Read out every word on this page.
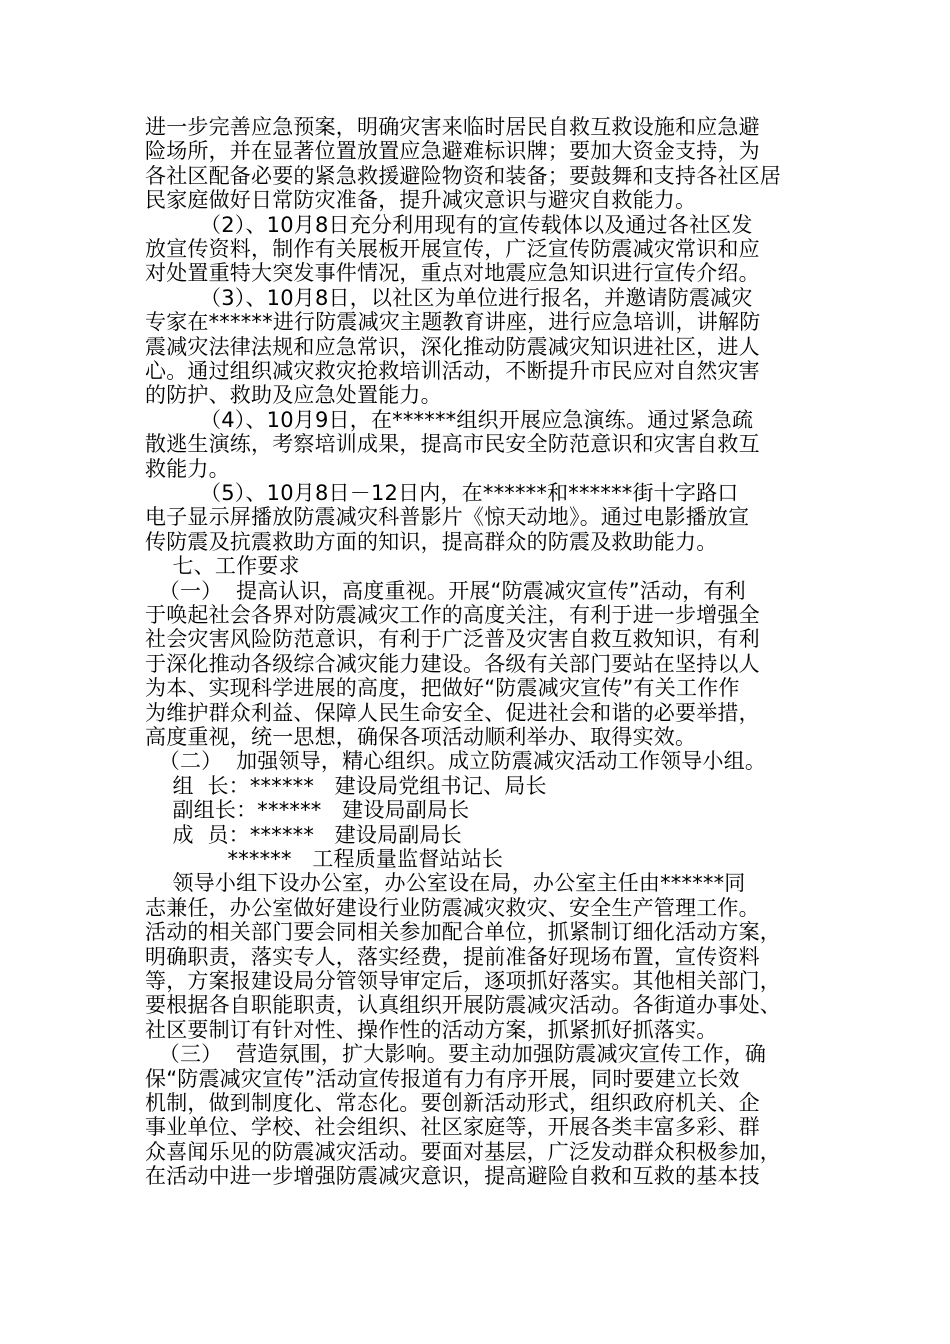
进一步完善应急预案，明确灾害来临时居民自救互救设施和应急避
险场所，并在显著位置放置应急避难标识牌；要加大资金支持，为
各社区配备必要的紧急救援避险物资和装备；要鼓舞和支持各社区居
民家庭做好日常防灾准备，提升减灾意识与避灾自救能力。
（2）、10月8日充分利用现有的宣传载体以及通过各社区发
放宣传资料，制作有关展板开展宣传，广泛宣传防震减灾常识和应
对处置重特大突发事件情况，重点对地震应急知识进行宣传介绍。
（3）、10月8日，以社区为单位进行报名，并邀请防震减灾
专家在******进行防震减灾主题教育讲座，进行应急培训，讲解防
震减灾法律法规和应急常识，深化推动防震减灾知识进社区，进人
心。通过组织减灾救灾抢救培训活动，不断提升市民应对自然灾害
的防护、救助及应急处置能力。
（4）、10月9日，在******组织开展应急演练。通过紧急疏
散逃生演练，考察培训成果，提高市民安全防范意识和灾害自救互
救能力。
（5）、10月8日－12日内，在******和******街十字路口
电子显示屏播放防震减灾科普影片《惊天动地》。通过电影播放宣
传防震及抗震救助方面的知识，提高群众的防震及救助能力。
七、工作要求
（一）  提高认识，高度重视。开展“防震减灾宣传”活动，有利
于唤起社会各界对防震减灾工作的高度关注，有利于进一步增强全
社会灾害风险防范意识，有利于广泛普及灾害自救互救知识，有利
于深化推动各级综合减灾能力建设。各级有关部门要站在坚持以人
为本、实现科学进展的高度，把做好“防震减灾宣传”有关工作作
为维护群众利益、保障人民生命安全、促进社会和谐的必要举措，
高度重视，统一思想，确保各项活动顺利举办、取得实效。
（二）  加强领导，精心组织。成立防震减灾活动工作领导小组。
组  长：******   建设局党组书记、局长
副组长：******   建设局副局长
成  员：******   建设局副局长
******   工程质量监督站站长
领导小组下设办公室，办公室设在局，办公室主任由******同
志兼任，办公室做好建设行业防震减灾救灾、安全生产管理工作。
活动的相关部门要会同相关参加配合单位，抓紧制订细化活动方案，
明确职责，落实专人，落实经费，提前准备好现场布置，宣传资料
等，方案报建设局分管领导审定后，逐项抓好落实。其他相关部门，
要根据各自职能职责，认真组织开展防震减灾活动。各街道办事处、
社区要制订有针对性、操作性的活动方案，抓紧抓好抓落实。
（三）  营造氛围，扩大影响。要主动加强防震减灾宣传工作，确
保“防震减灾宣传”活动宣传报道有力有序开展，同时要建立长效
机制，做到制度化、常态化。要创新活动形式，组织政府机关、企
事业单位、学校、社会组织、社区家庭等，开展各类丰富多彩、群
众喜闻乐见的防震减灾活动。要面对基层，广泛发动群众积极参加，
在活动中进一步增强防震减灾意识，提高避险自救和互救的基本技
